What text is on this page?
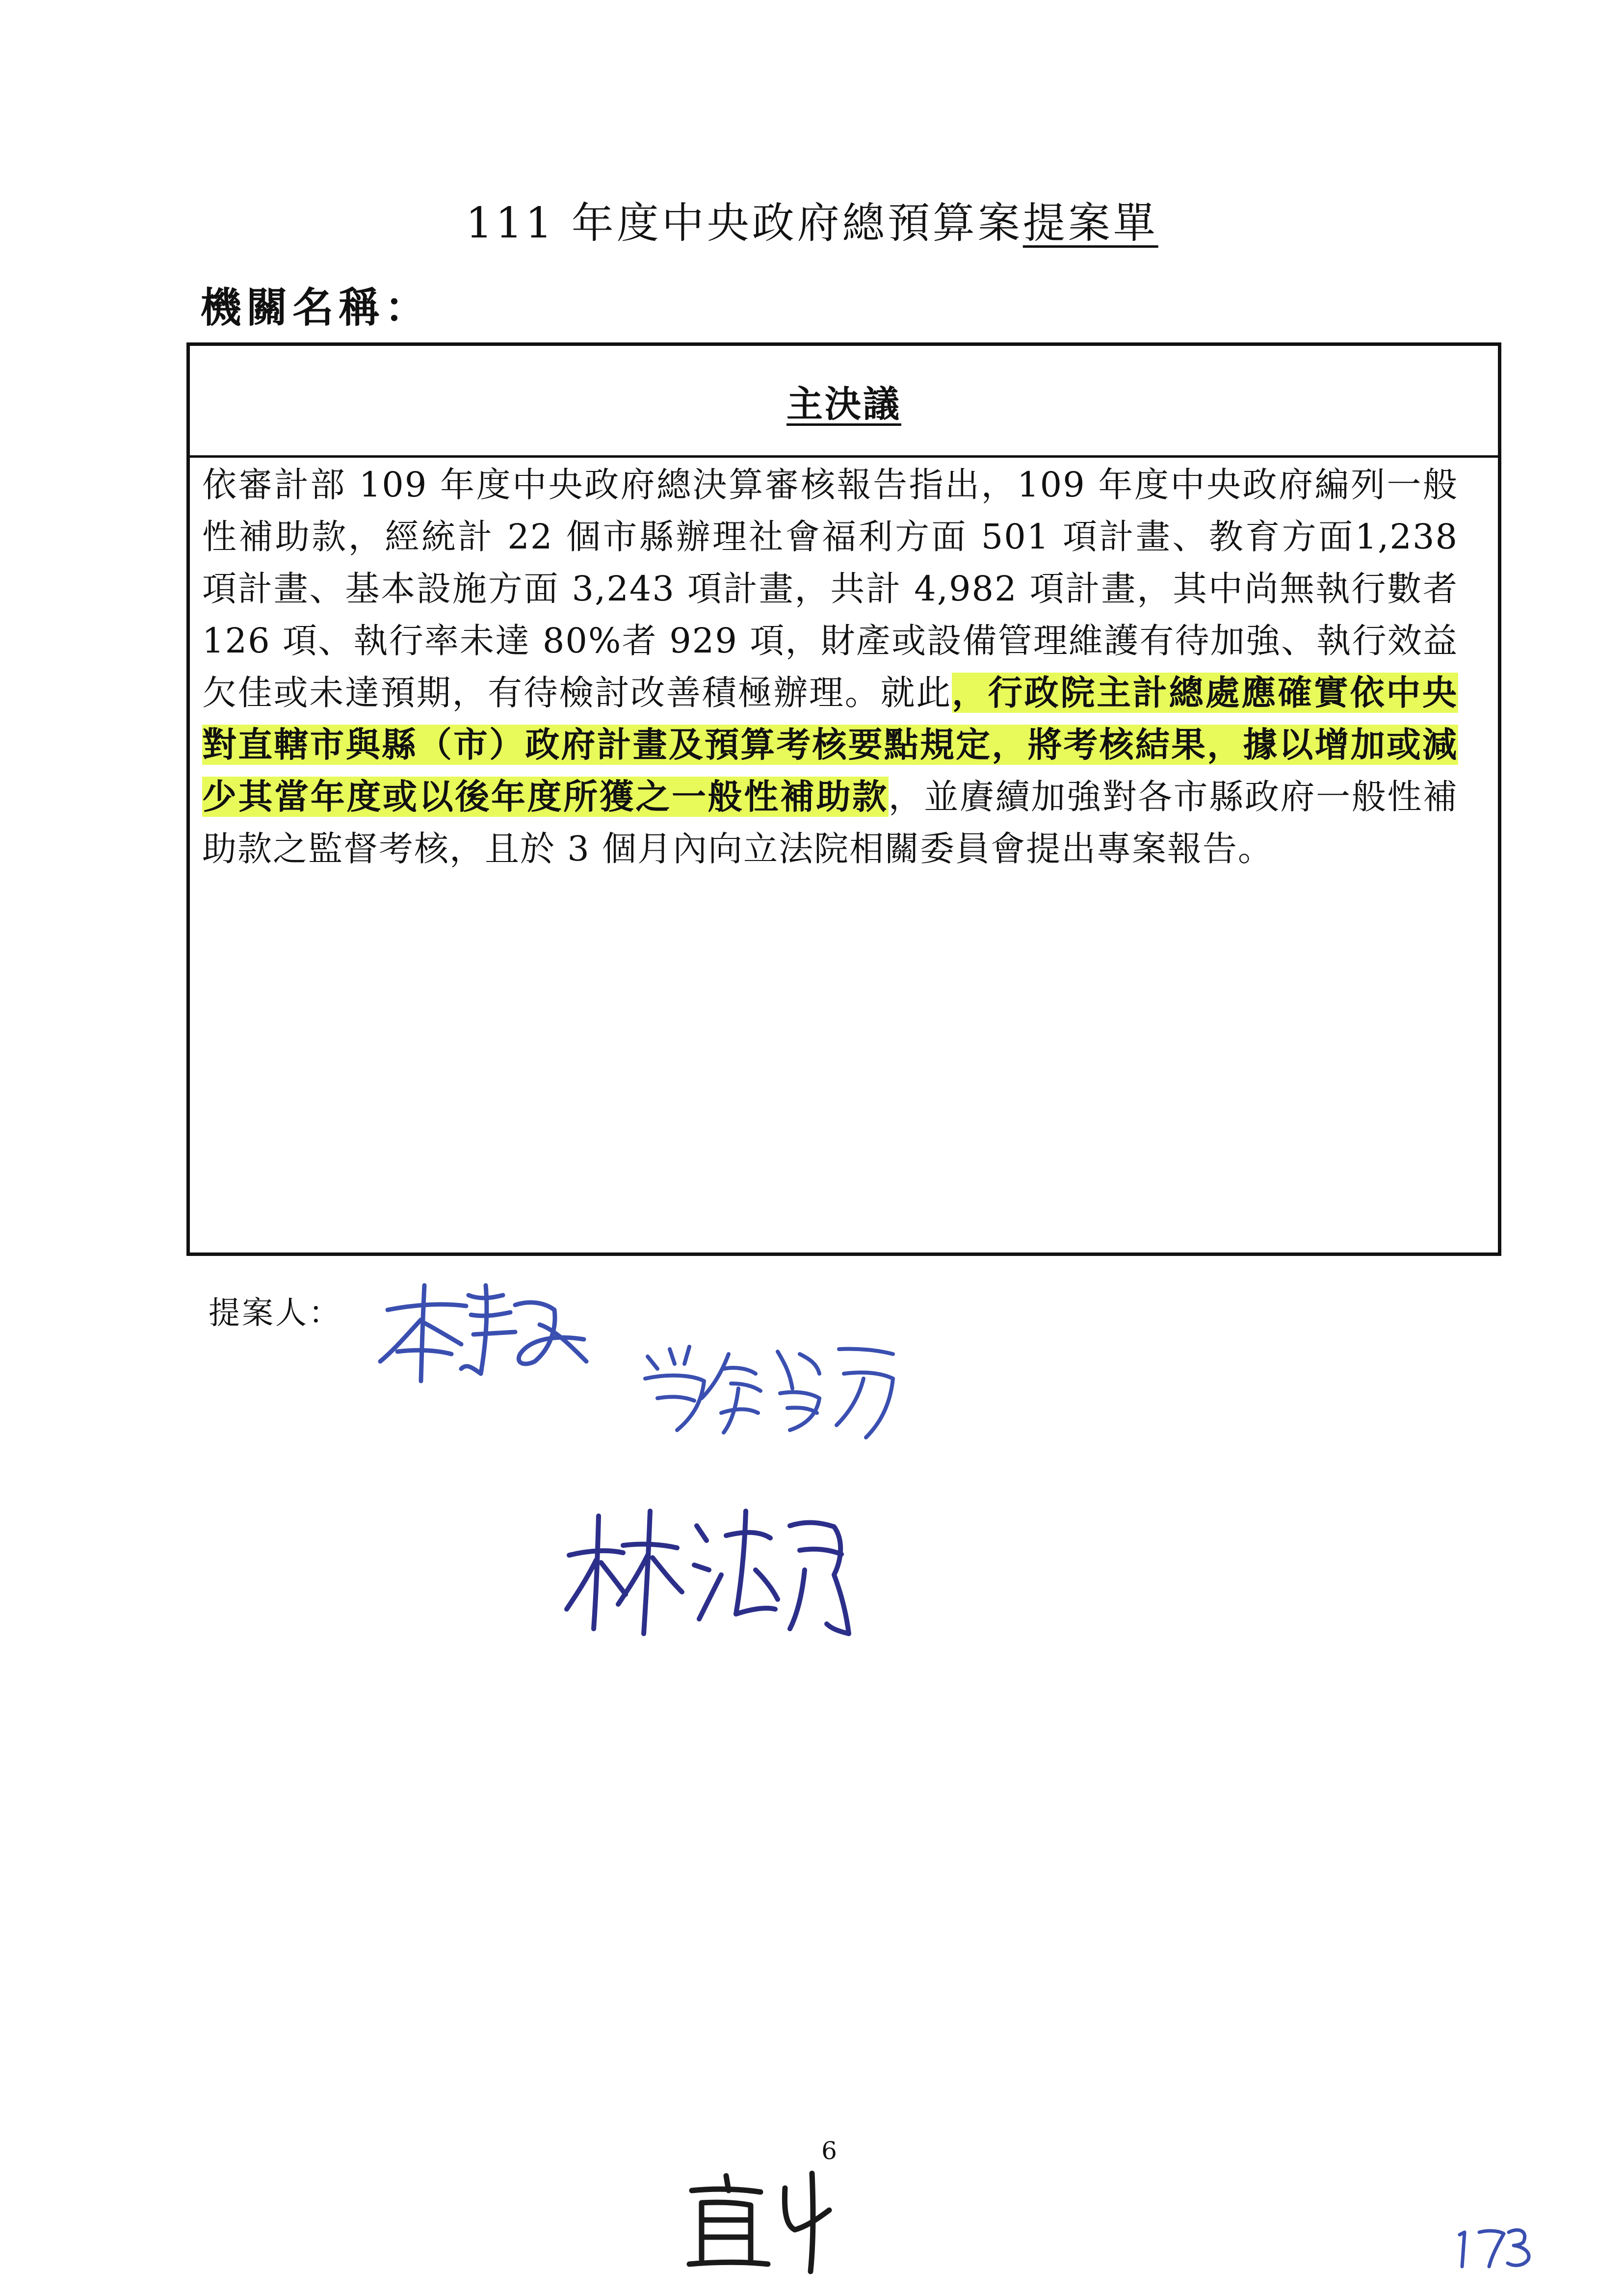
111 年度中央政府總預算案提案單
機關名稱：
主決議
依審計部 109 年度中央政府總決算審核報告指出，109 年度中央政府編列一般性補助款，經統計 22 個市縣辦理社會福利方面 501 項計畫、教育方面1,238 項計畫、基本設施方面 3,243 項計畫，共計 4,982 項計畫，其中尚無執行數者 126 項、執行率未達 80%者 929 項，財產或設備管理維護有待加強、執行效益欠佳或未達預期，有待檢討改善積極辦理。就此，行政院主計總處應確實依中央對直轄市與縣（市）政府計畫及預算考核要點規定，將考核結果，據以增加或減少其當年度或以後年度所獲之一般性補助款，並賡續加強對各市縣政府一般性補助款之監督考核，且於 3 個月內向立法院相關委員會提出專案報告。
提案人：
6
